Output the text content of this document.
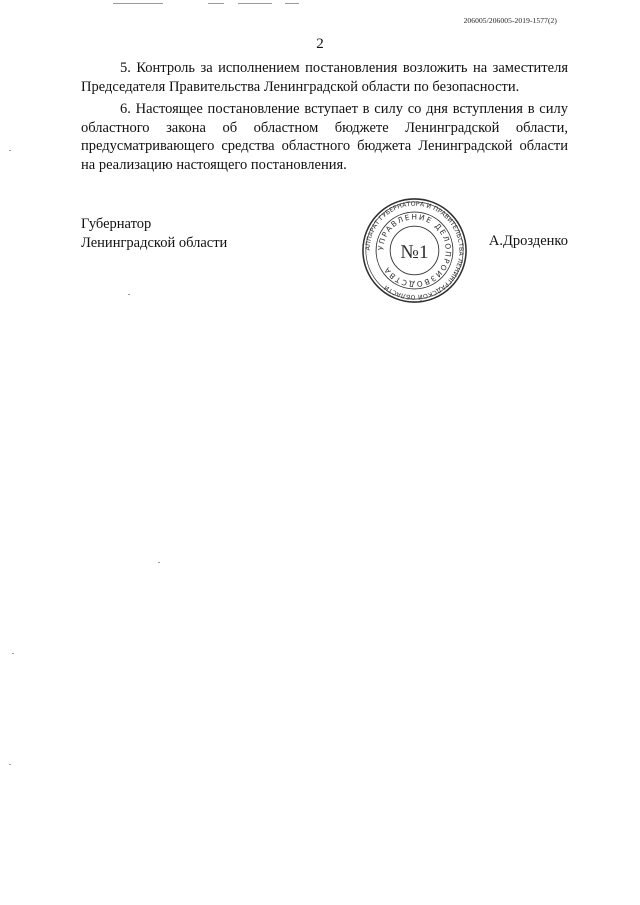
206005/206005-2019-1577(2)
2

5. Контроль за исполнением постановления возложить на заместителя Председателя Правительства Ленинградской области по безопасности.

6. Настоящее постановление вступает в силу со дня вступления в силу областного закона об областном бюджете Ленинградской области, предусматривающего средства областного бюджета Ленинградской области на реализацию настоящего постановления.

Губернатор
Ленинградской области	АППАРАТ ГУБЕРНАТОРА И ПРАВИТЕЛЬСТВА ЛЕНИНГРАДСКОЙ ОБЛАСТИ
УПРАВЛЕНИЕ ДЕЛОПРОИЗВОДСТВА
№1
А.Дрозденко
